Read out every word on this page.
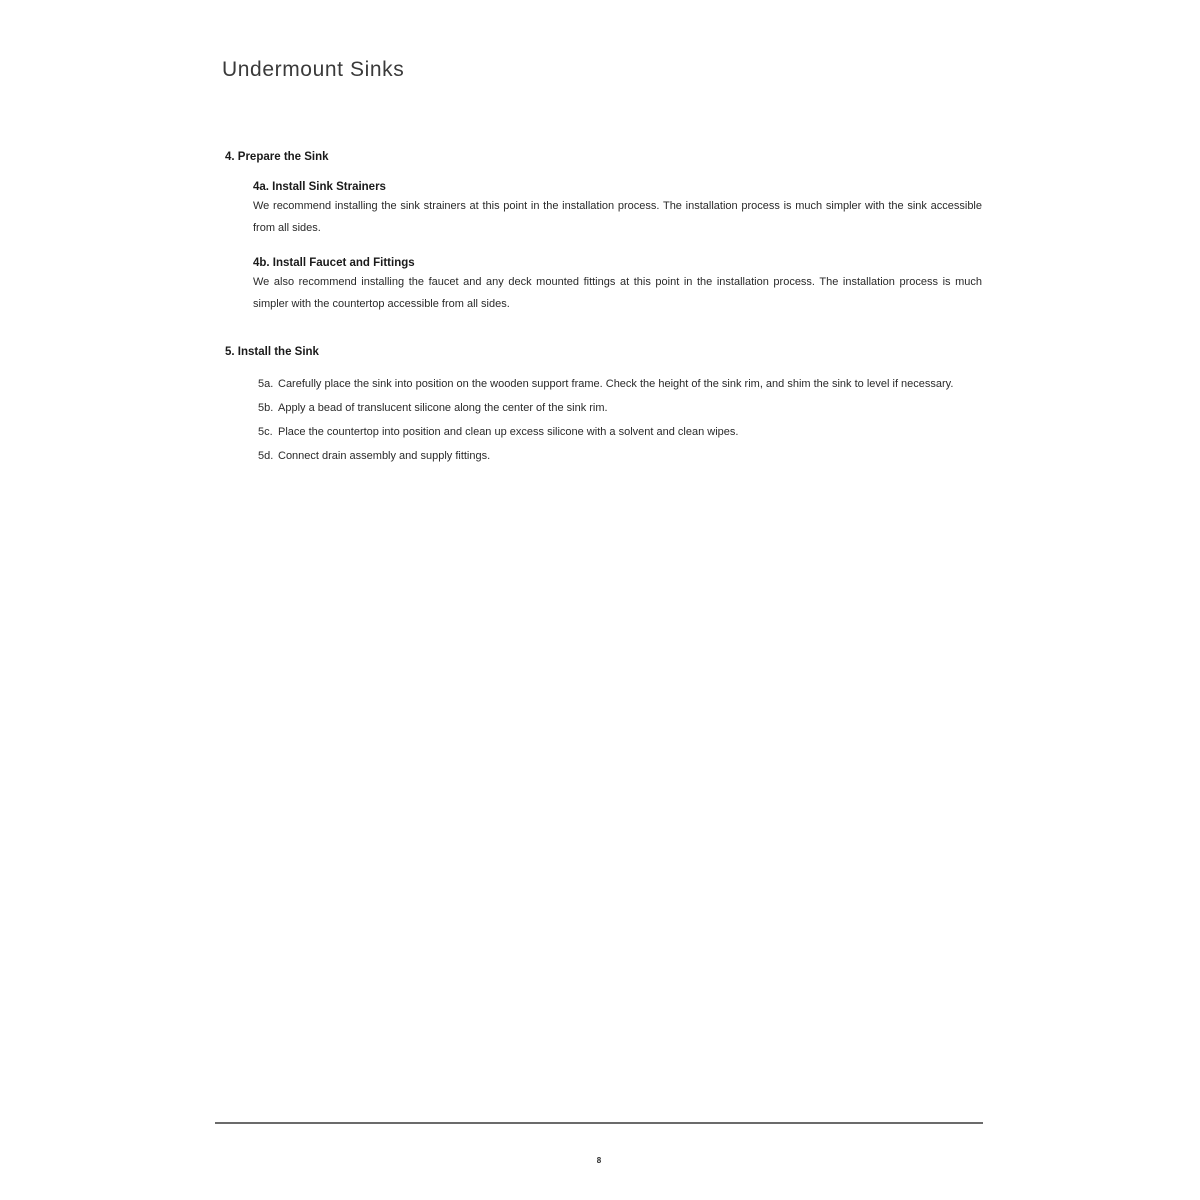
Undermount Sinks
4. Prepare the Sink
4a. Install Sink Strainers
We recommend installing the sink strainers at this point in the installation process. The installation process is much simpler with the sink accessible from all sides.
4b. Install Faucet and Fittings
We also recommend installing the faucet and any deck mounted fittings at this point in the installation process. The installation process is much simpler with the countertop accessible from all sides.
5. Install the Sink
5a. Carefully place the sink into position on the wooden support frame. Check the height of the sink rim, and shim the sink to level if necessary.
5b. Apply a bead of translucent silicone along the center of the sink rim.
5c. Place the countertop into position and clean up excess silicone with a solvent and clean wipes.
5d. Connect drain assembly and supply fittings.
8
